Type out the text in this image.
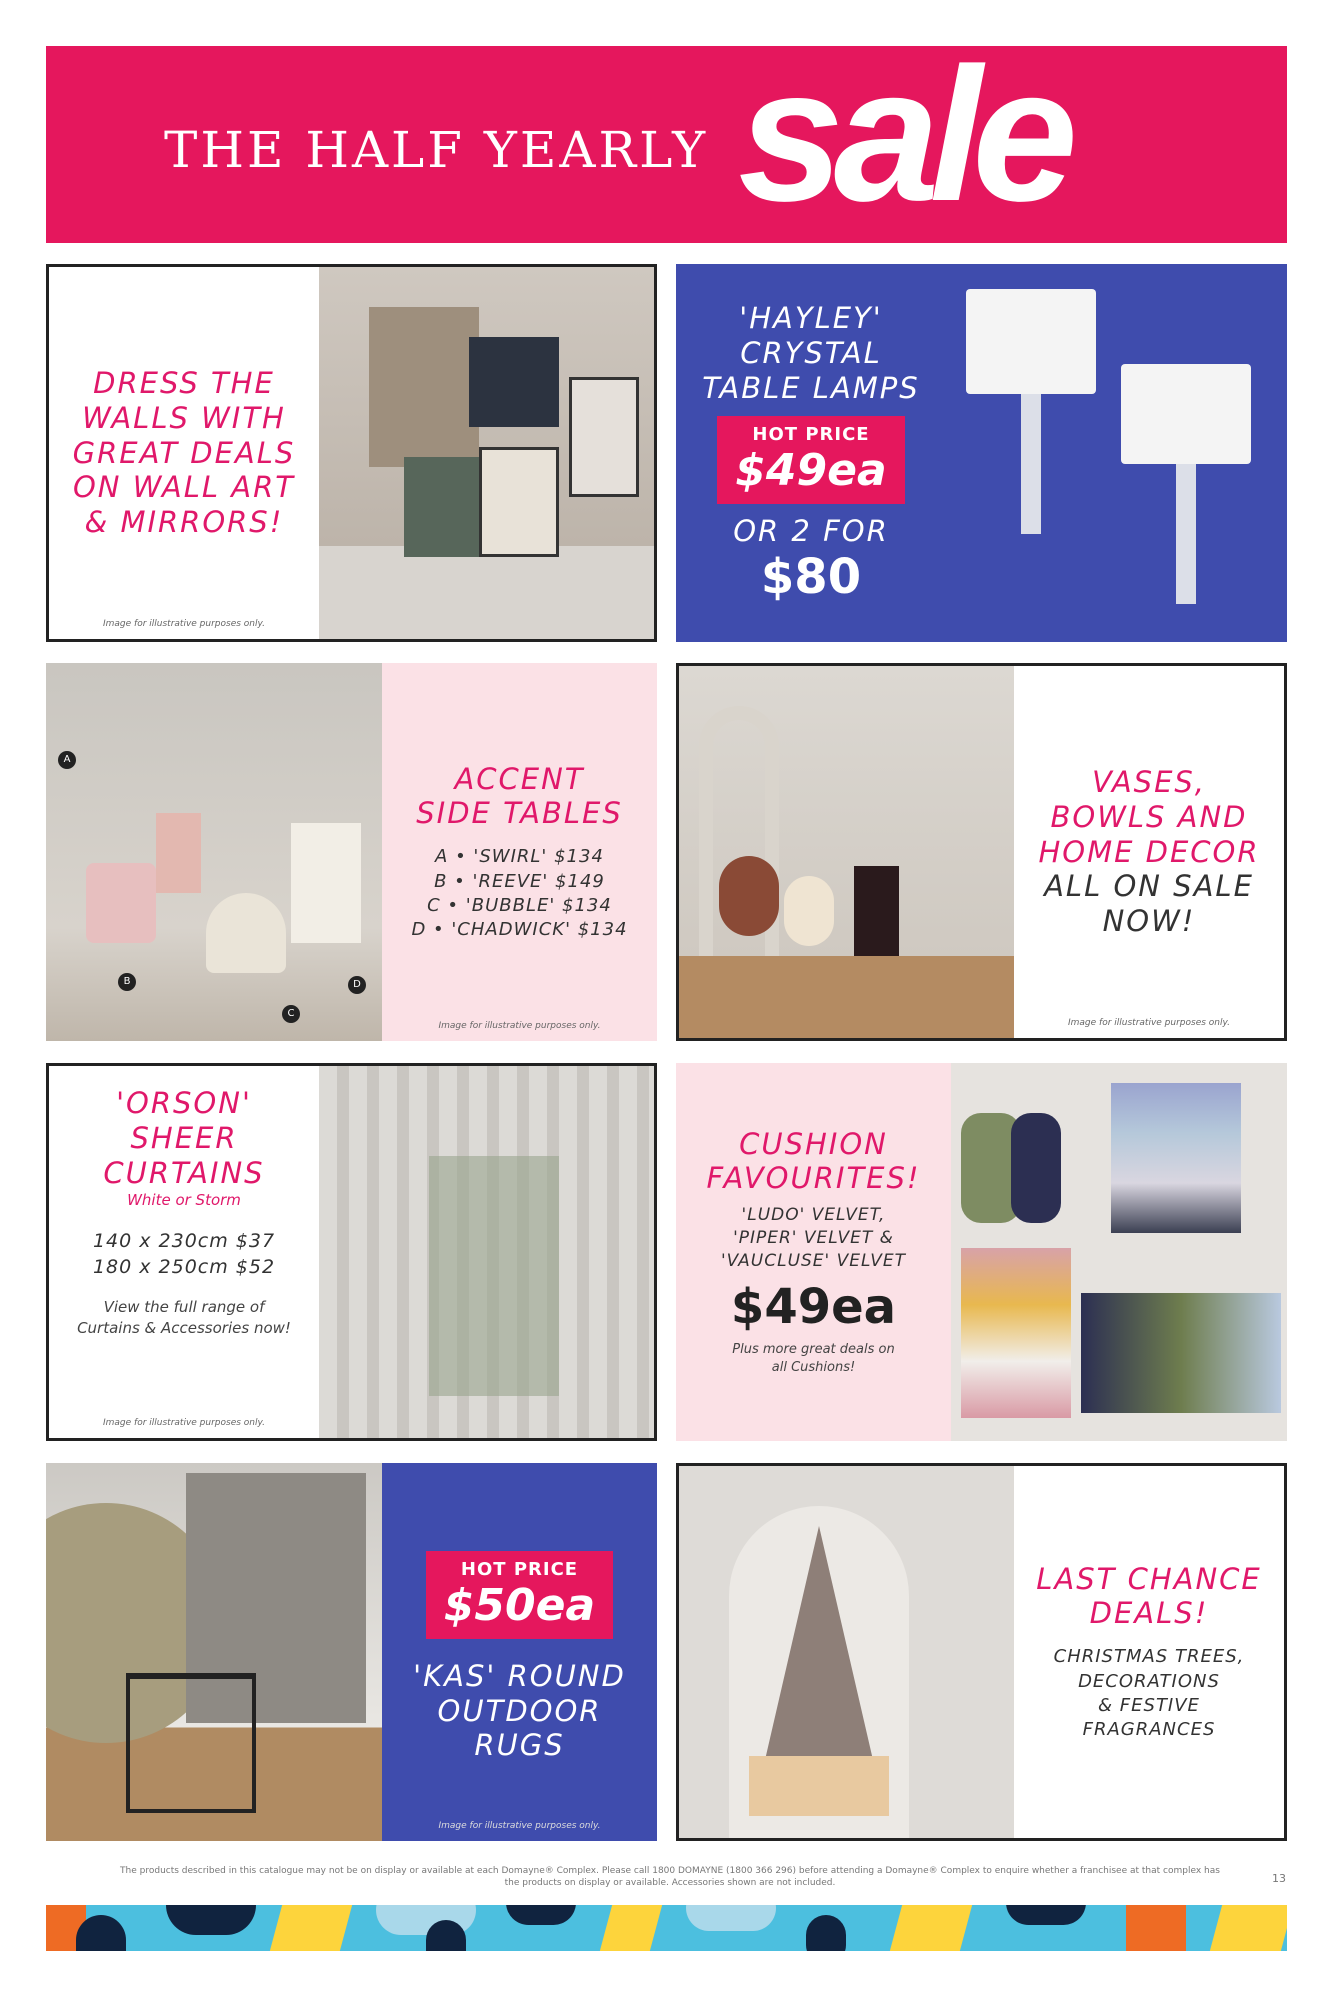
THE HALF YEARLY sale
DRESS THE
WALLS WITH
GREAT DEALS
ON WALL ART
& MIRRORS!
Image for illustrative purposes only.
'HAYLEY'
CRYSTAL
TABLE LAMPS
HOT PRICE
$49ea
OR 2 FOR
$80
A
B
C
D
ACCENT
SIDE TABLES
A • 'SWIRL' $134
B • 'REEVE' $149
C • 'BUBBLE' $134
D • 'CHADWICK' $134
Image for illustrative purposes only.
VASES,
BOWLS AND
HOME DECOR
ALL ON SALE
NOW!
Image for illustrative purposes only.
'ORSON'
SHEER
CURTAINS
White or Storm
140 x 230cm $37
180 x 250cm $52
View the full range of
Curtains & Accessories now!
Image for illustrative purposes only.
CUSHION
FAVOURITES!
'LUDO' VELVET,
'PIPER' VELVET &
'VAUCLUSE' VELVET
$49ea
Plus more great deals on
all Cushions!
HOT PRICE
$50ea
'KAS' ROUND
OUTDOOR
RUGS
Image for illustrative purposes only.
LAST CHANCE
DEALS!
CHRISTMAS TREES,
DECORATIONS
& FESTIVE
FRAGRANCES
The products described in this catalogue may not be on display or available at each Domayne® Complex. Please call 1800 DOMAYNE (1800 366 296) before attending a Domayne® Complex to enquire whether a franchisee at that complex has the products on display or available. Accessories shown are not included.	13
